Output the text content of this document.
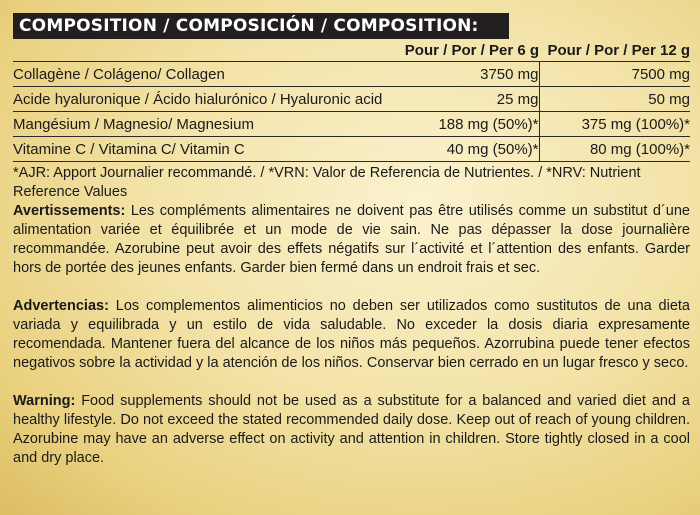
COMPOSITION / COMPOSICIÓN / COMPOSITION:
	Pour / Por / Per 6 g	Pour / Por / Per 12 g
Collagène / Colágeno/ Collagen	3750 mg	7500 mg
Acide hyaluronique / Ácido hialurónico / Hyaluronic acid	25 mg	50 mg
Mangésium / Magnesio/ Magnesium	188 mg (50%)*	375 mg (100%)*
Vitamine C / Vitamina C/ Vitamin C	40 mg (50%)*	80 mg (100%)*

*AJR: Apport Journalier recommandé. / *VRN: Valor de Referencia de Nutrientes. / *NRV: Nutrient Reference Values

Avertissements: Les compléments alimentaires ne doivent pas être utilisés comme un substitut d´une alimentation variée et équilibrée et un mode de vie sain. Ne pas dépasser la dose journalière recommandée. Azorubine peut avoir des effets négatifs sur l´activité et l´attention des enfants. Garder hors de portée des jeunes enfants. Garder bien fermé dans un endroit frais et sec.

Advertencias: Los complementos alimenticios no deben ser utilizados como sustitutos de una dieta variada y equilibrada y un estilo de vida saludable. No exceder la dosis diaria expresamente recomendada. Mantener fuera del alcance de los niños más pequeños. Azorrubina puede tener efectos negativos sobre la actividad y la atención de los niños. Conservar bien cerrado en un lugar fresco y seco.

Warning: Food supplements should not be used as a substitute for a balanced and varied diet and a healthy lifestyle. Do not exceed the stated recommended daily dose. Keep out of reach of young children. Azorubine may have an adverse effect on activity and attention in children. Store tightly closed in a cool and dry place.
